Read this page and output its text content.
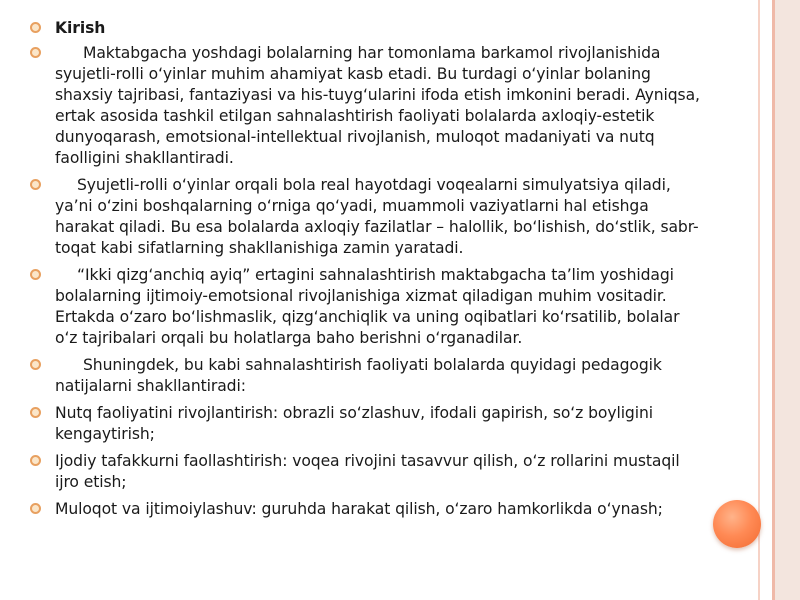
Kirish
Maktabgacha yoshdagi bolalarning har tomonlama barkamol rivojlanishida syujetli-rolli o‘yinlar muhim ahamiyat kasb etadi. Bu turdagi o‘yinlar bolaning shaxsiy tajribasi, fantaziyasi va his-tuyg‘ularini ifoda etish imkonini beradi. Ayniqsa, ertak asosida tashkil etilgan sahnalashtirish faoliyati bolalarda axloqiy-estetik dunyoqarash, emotsional-intellektual rivojlanish, muloqot madaniyati va nutq faolligini shakllantiradi.
Syujetli-rolli o‘yinlar orqali bola real hayotdagi voqealarni simulyatsiya qiladi, ya’ni o‘zini boshqalarning o‘rniga qo‘yadi, muammoli vaziyatlarni hal etishga harakat qiladi. Bu esa bolalarda axloqiy fazilatlar – halollik, bo‘lishish, do‘stlik, sabr-toqat kabi sifatlarning shakllanishiga zamin yaratadi.
“Ikki qizg‘anchiq ayiq” ertagini sahnalashtirish maktabgacha ta’lim yoshidagi bolalarning ijtimoiy-emotsional rivojlanishiga xizmat qiladigan muhim vositadir. Ertakda o‘zaro bo‘lishmaslik, qizg‘anchiqlik va uning oqibatlari ko‘rsatilib, bolalar o‘z tajribalari orqali bu holatlarga baho berishni o‘rganadilar.
Shuningdek, bu kabi sahnalashtirish faoliyati bolalarda quyidagi pedagogik natijalarni shakllantiradi:
Nutq faoliyatini rivojlantirish: obrazli so‘zlashuv, ifodali gapirish, so‘z boyligini kengaytirish;
Ijodiy tafakkurni faollashtirish: voqea rivojini tasavvur qilish, o‘z rollarini mustaqil ijro etish;
Muloqot va ijtimoiylashuv: guruhda harakat qilish, o‘zaro hamkorlikda o‘ynash;
